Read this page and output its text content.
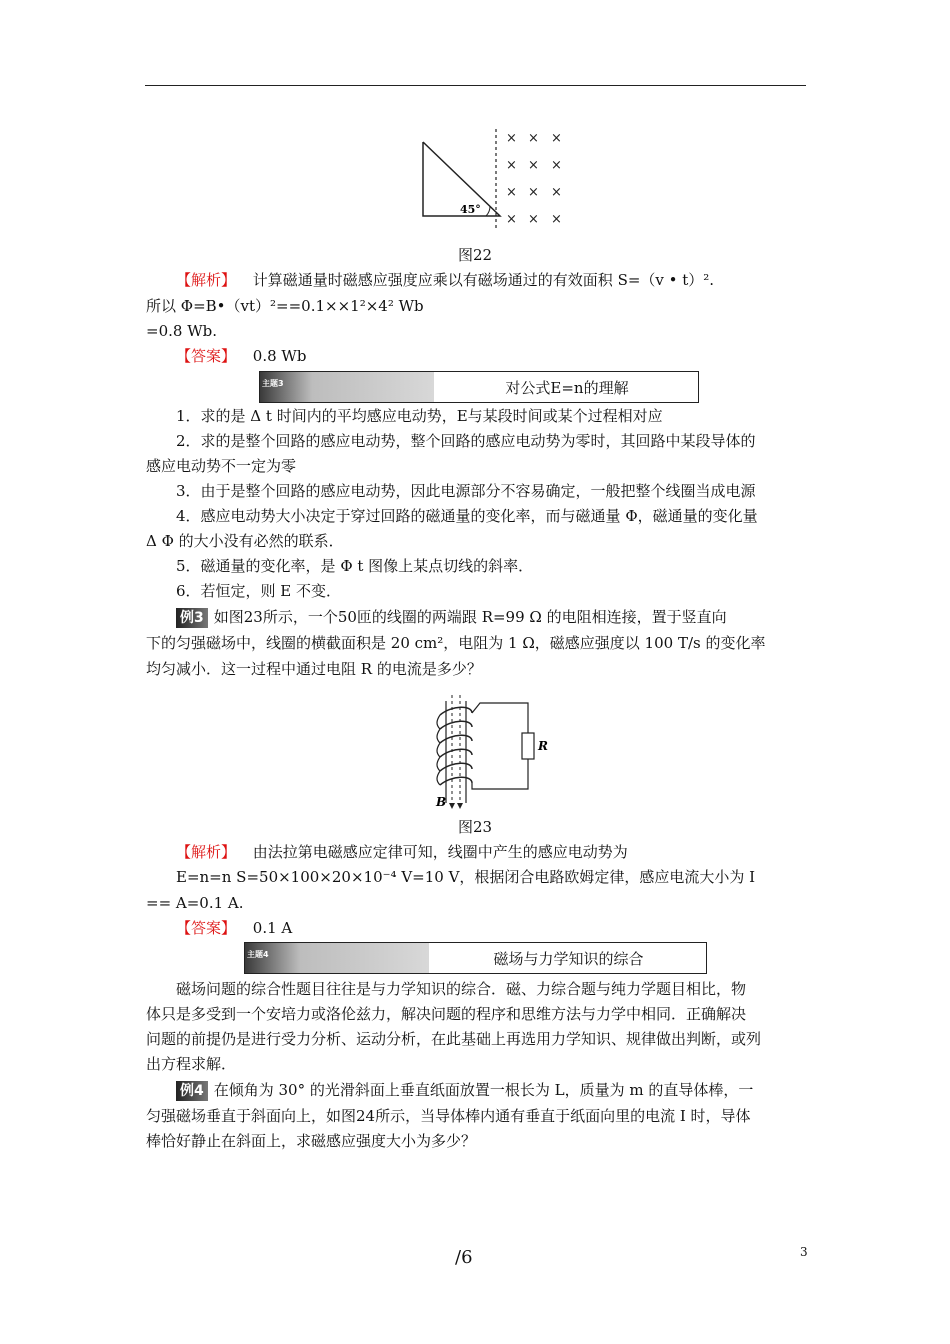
45°
× × ×
× × ×
× × ×
× × ×
图22
【解析】 计算磁通量时磁感应强度应乘以有磁场通过的有效面积 S=（v • t）².
所以 Φ=B•（vt）²==0.1××1²×4² Wb
=0.8 Wb.
【答案】 0.8 Wb
主题3	对公式E=n的理解
1．求的是 Δ t 时间内的平均感应电动势，E与某段时间或某个过程相对应
2．求的是整个回路的感应电动势，整个回路的感应电动势为零时，其回路中某段导体的
感应电动势不一定为零
3．由于是整个回路的感应电动势，因此电源部分不容易确定，一般把整个线圈当成电源
4．感应电动势大小决定于穿过回路的磁通量的变化率，而与磁通量 Φ，磁通量的变化量
Δ Φ 的大小没有必然的联系．
5．磁通量的变化率，是 Φ t 图像上某点切线的斜率．
6．若恒定，则 E 不变．
例3 如图23所示，一个50匝的线圈的两端跟 R=99 Ω 的电阻相连接，置于竖直向
下的匀强磁场中，线圈的横截面积是 20 cm²，电阻为 1 Ω，磁感应强度以 100 T/s 的变化率
均匀减小．这一过程中通过电阻 R 的电流是多少？
R
B
图23
【解析】 由法拉第电磁感应定律可知，线圈中产生的感应电动势为
E=n=n S=50×100×20×10⁻⁴ V=10 V，根据闭合电路欧姆定律，感应电流大小为 I
== A=0.1 A.
【答案】 0.1 A
主题4	磁场与力学知识的综合
磁场问题的综合性题目往往是与力学知识的综合．磁、力综合题与纯力学题目相比，物
体只是多受到一个安培力或洛伦兹力，解决问题的程序和思维方法与力学中相同．正确解决
问题的前提仍是进行受力分析、运动分析，在此基础上再选用力学知识、规律做出判断，或列
出方程求解．
例4 在倾角为 30° 的光滑斜面上垂直纸面放置一根长为 L，质量为 m 的直导体棒，一
匀强磁场垂直于斜面向上，如图24所示，当导体棒内通有垂直于纸面向里的电流 I 时，导体
棒恰好静止在斜面上，求磁感应强度大小为多少？
/6	3
